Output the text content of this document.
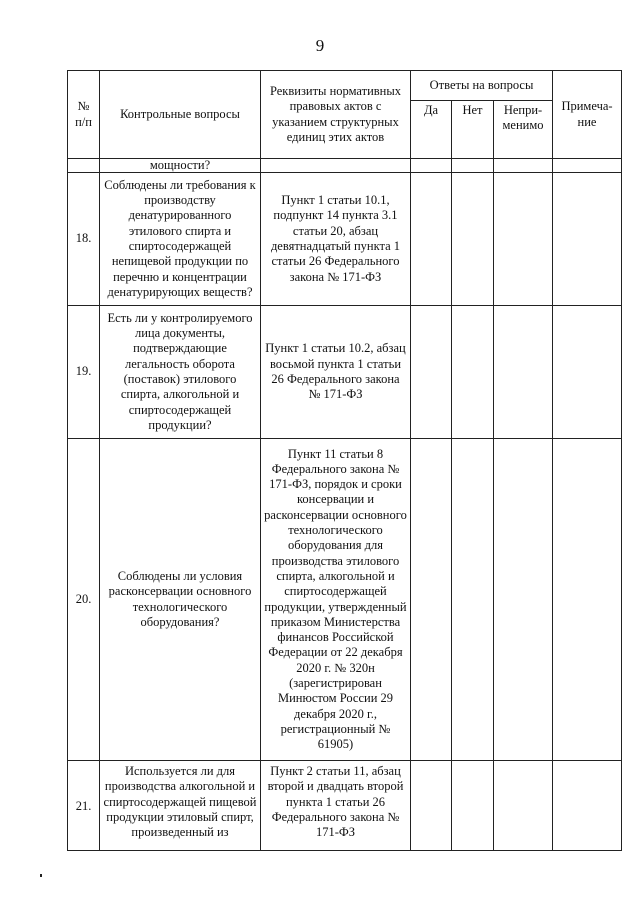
9
№ п/п	Контрольные вопросы	Реквизиты нормативных правовых актов с указанием структурных единиц этих актов	Ответы на вопросы			Примеча-ние
			Да	Нет	Непри-менимо	
	мощности?					
18.	Соблюдены ли требования к производству денатурированного этилового спирта и спиртосодержащей непищевой продукции по перечню и концентрации денатурирующих веществ?	Пункт 1 статьи 10.1, подпункт 14 пункта 3.1 статьи 20, абзац девятнадцатый пункта 1 статьи 26 Федерального закона № 171-ФЗ				
19.	Есть ли у контролируемого лица документы, подтверждающие легальность оборота (поставок) этилового спирта, алкогольной и спиртосодержащей продукции?	Пункт 1 статьи 10.2, абзац восьмой пункта 1 статьи 26 Федерального закона № 171-ФЗ				
20.	Соблюдены ли условия расконсервации основного технологического оборудования?	Пункт 11 статьи 8 Федерального закона № 171-ФЗ, порядок и сроки консервации и расконсервации основного технологического оборудования для производства этилового спирта, алкогольной и спиртосодержащей продукции, утвержденный приказом Министерства финансов Российской Федерации от 22 декабря 2020 г. № 320н (зарегистрирован Минюстом России 29 декабря 2020 г., регистрационный № 61905)				
21.	Используется ли для производства алкогольной и спиртосодержащей пищевой продукции этиловый спирт, произведенный из	Пункт 2 статьи 11, абзац второй и двадцать второй пункта 1 статьи 26 Федерального закона № 171-ФЗ				
